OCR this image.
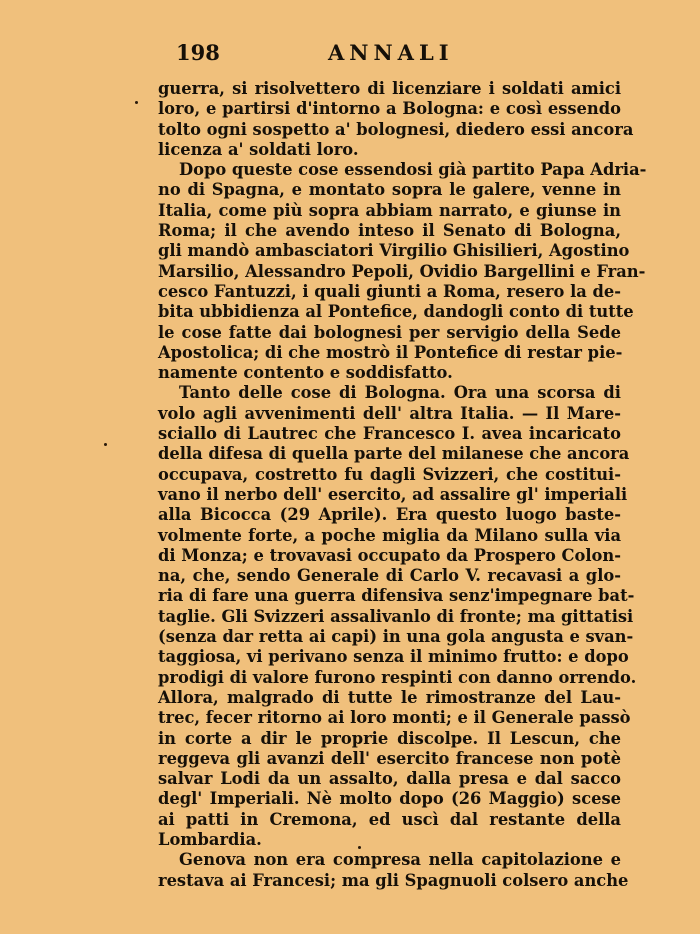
198	ANNALI
guerra, si risolvettero di licenziare i soldati amici
loro, e partirsi d'intorno a Bologna: e così essendo
tolto ogni sospetto a' bolognesi, diedero essi ancora
licenza a' soldati loro.
Dopo queste cose essendosi già partito Papa Adria-
no di Spagna, e montato sopra le galere, venne in
Italia, come più sopra abbiam narrato, e giunse in
Roma; il che avendo inteso il Senato di Bologna,
gli mandò ambasciatori Virgilio Ghisilieri, Agostino
Marsilio, Alessandro Pepoli, Ovidio Bargellini e Fran-
cesco Fantuzzi, i quali giunti a Roma, resero la de-
bita ubbidienza al Pontefice, dandogli conto di tutte
le cose fatte dai bolognesi per servigio della Sede
Apostolica; di che mostrò il Pontefice di restar pie-
namente contento e soddisfatto.
Tanto delle cose di Bologna. Ora una scorsa di
volo agli avvenimenti dell' altra Italia. — Il Mare-
sciallo di Lautrec che Francesco I. avea incaricato
della difesa di quella parte del milanese che ancora
occupava, costretto fu dagli Svizzeri, che costitui-
vano il nerbo dell' esercito, ad assalire gl' imperiali
alla Bicocca (29 Aprile). Era questo luogo baste-
volmente forte, a poche miglia da Milano sulla via
di Monza; e trovavasi occupato da Prospero Colon-
na, che, sendo Generale di Carlo V. recavasi a glo-
ria di fare una guerra difensiva senz'impegnare bat-
taglie. Gli Svizzeri assalivanlo di fronte; ma gittatisi
(senza dar retta ai capi) in una gola angusta e svan-
taggiosa, vi perivano senza il minimo frutto: e dopo
prodigi di valore furono respinti con danno orrendo.
Allora, malgrado di tutte le rimostranze del Lau-
trec, fecer ritorno ai loro monti; e il Generale passò
in corte a dir le proprie discolpe. Il Lescun, che
reggeva gli avanzi dell' esercito francese non potè
salvar Lodi da un assalto, dalla presa e dal sacco
degl' Imperiali. Nè molto dopo (26 Maggio) scese
ai patti in Cremona, ed uscì dal restante della
Lombardia.
Genova non era compresa nella capitolazione e
restava ai Francesi; ma gli Spagnuoli colsero anche
